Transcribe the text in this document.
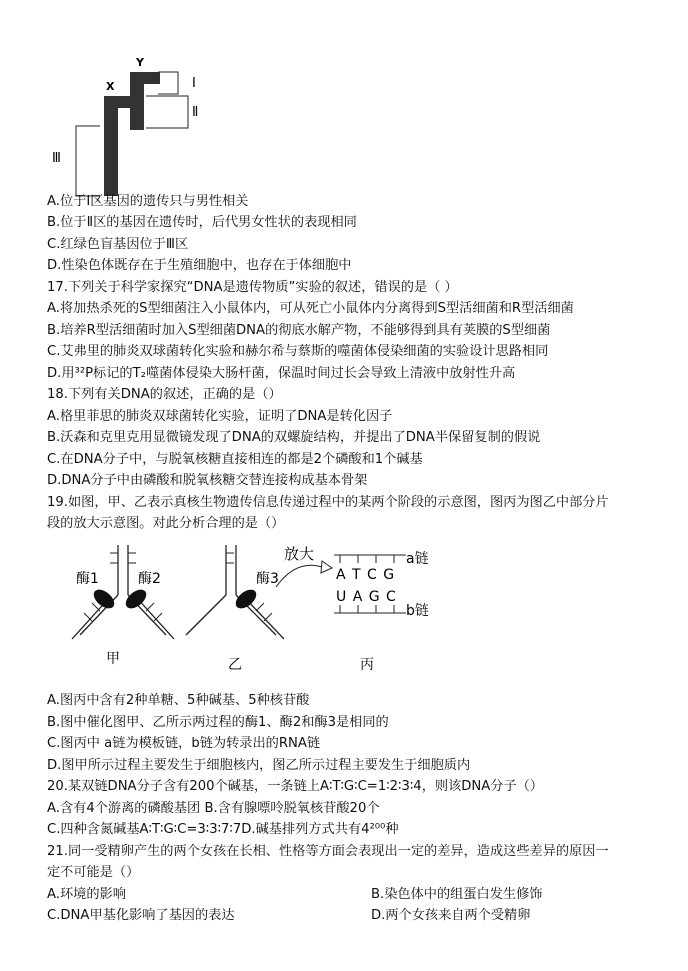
X
Y
Ⅰ
Ⅱ
Ⅲ
A.位于Ⅰ区基因的遗传只与男性相关
B.位于Ⅱ区的基因在遗传时，后代男女性状的表现相同
C.红绿色盲基因位于Ⅲ区
D.性染色体既存在于生殖细胞中，也存在于体细胞中
17.下列关于科学家探究“DNA是遗传物质”实验的叙述，错误的是（ ）
A.将加热杀死的S型细菌注入小鼠体内，可从死亡小鼠体内分离得到S型活细菌和R型活细菌
B.培养R型活细菌时加入S型细菌DNA的彻底水解产物，不能够得到具有荚膜的S型细菌
C.艾弗里的肺炎双球菌转化实验和赫尔希与蔡斯的噬菌体侵染细菌的实验设计思路相同
D.用³²P标记的T₂噬菌体侵染大肠杆菌，保温时间过长会导致上清液中放射性升高
18.下列有关DNA的叙述，正确的是（）
A.格里菲思的肺炎双球菌转化实验，证明了DNA是转化因子
B.沃森和克里克用显微镜发现了DNA的双螺旋结构，并提出了DNA半保留复制的假说
C.在DNA分子中，与脱氧核糖直接相连的都是2个磷酸和1个碱基
D.DNA分子中由磷酸和脱氧核糖交替连接构成基本骨架
19.如图，甲、乙表示真核生物遗传信息传递过程中的某两个阶段的示意图，图丙为图乙中部分片
段的放大示意图。对此分析合理的是（）
酶1	酶2
甲
酶3
乙
放大
A T C G
a链
U A G C
b链
丙
A.图丙中含有2种单糖、5种碱基、5种核苷酸
B.图中催化图甲、乙所示两过程的酶1、酶2和酶3是相同的
C.图丙中 a链为模板链，b链为转录出的RNA链
D.图甲所示过程主要发生于细胞核内，图乙所示过程主要发生于细胞质内
20.某双链DNA分子含有200个碱基，一条链上A∶T∶G∶C=1∶2∶3∶4，则该DNA分子（）
A.含有4个游离的磷酸基团 B.含有腺嘌呤脱氧核苷酸20个
C.四种含氮碱基A∶T∶G∶C=3∶3∶7∶7D.碱基排列方式共有4²⁰⁰种
21.同一受精卵产生的两个女孩在长相、性格等方面会表现出一定的差异，造成这些差异的原因一
定不可能是（）
A.环境的影响	B.染色体中的组蛋白发生修饰
C.DNA甲基化影响了基因的表达	D.两个女孩来自两个受精卵
